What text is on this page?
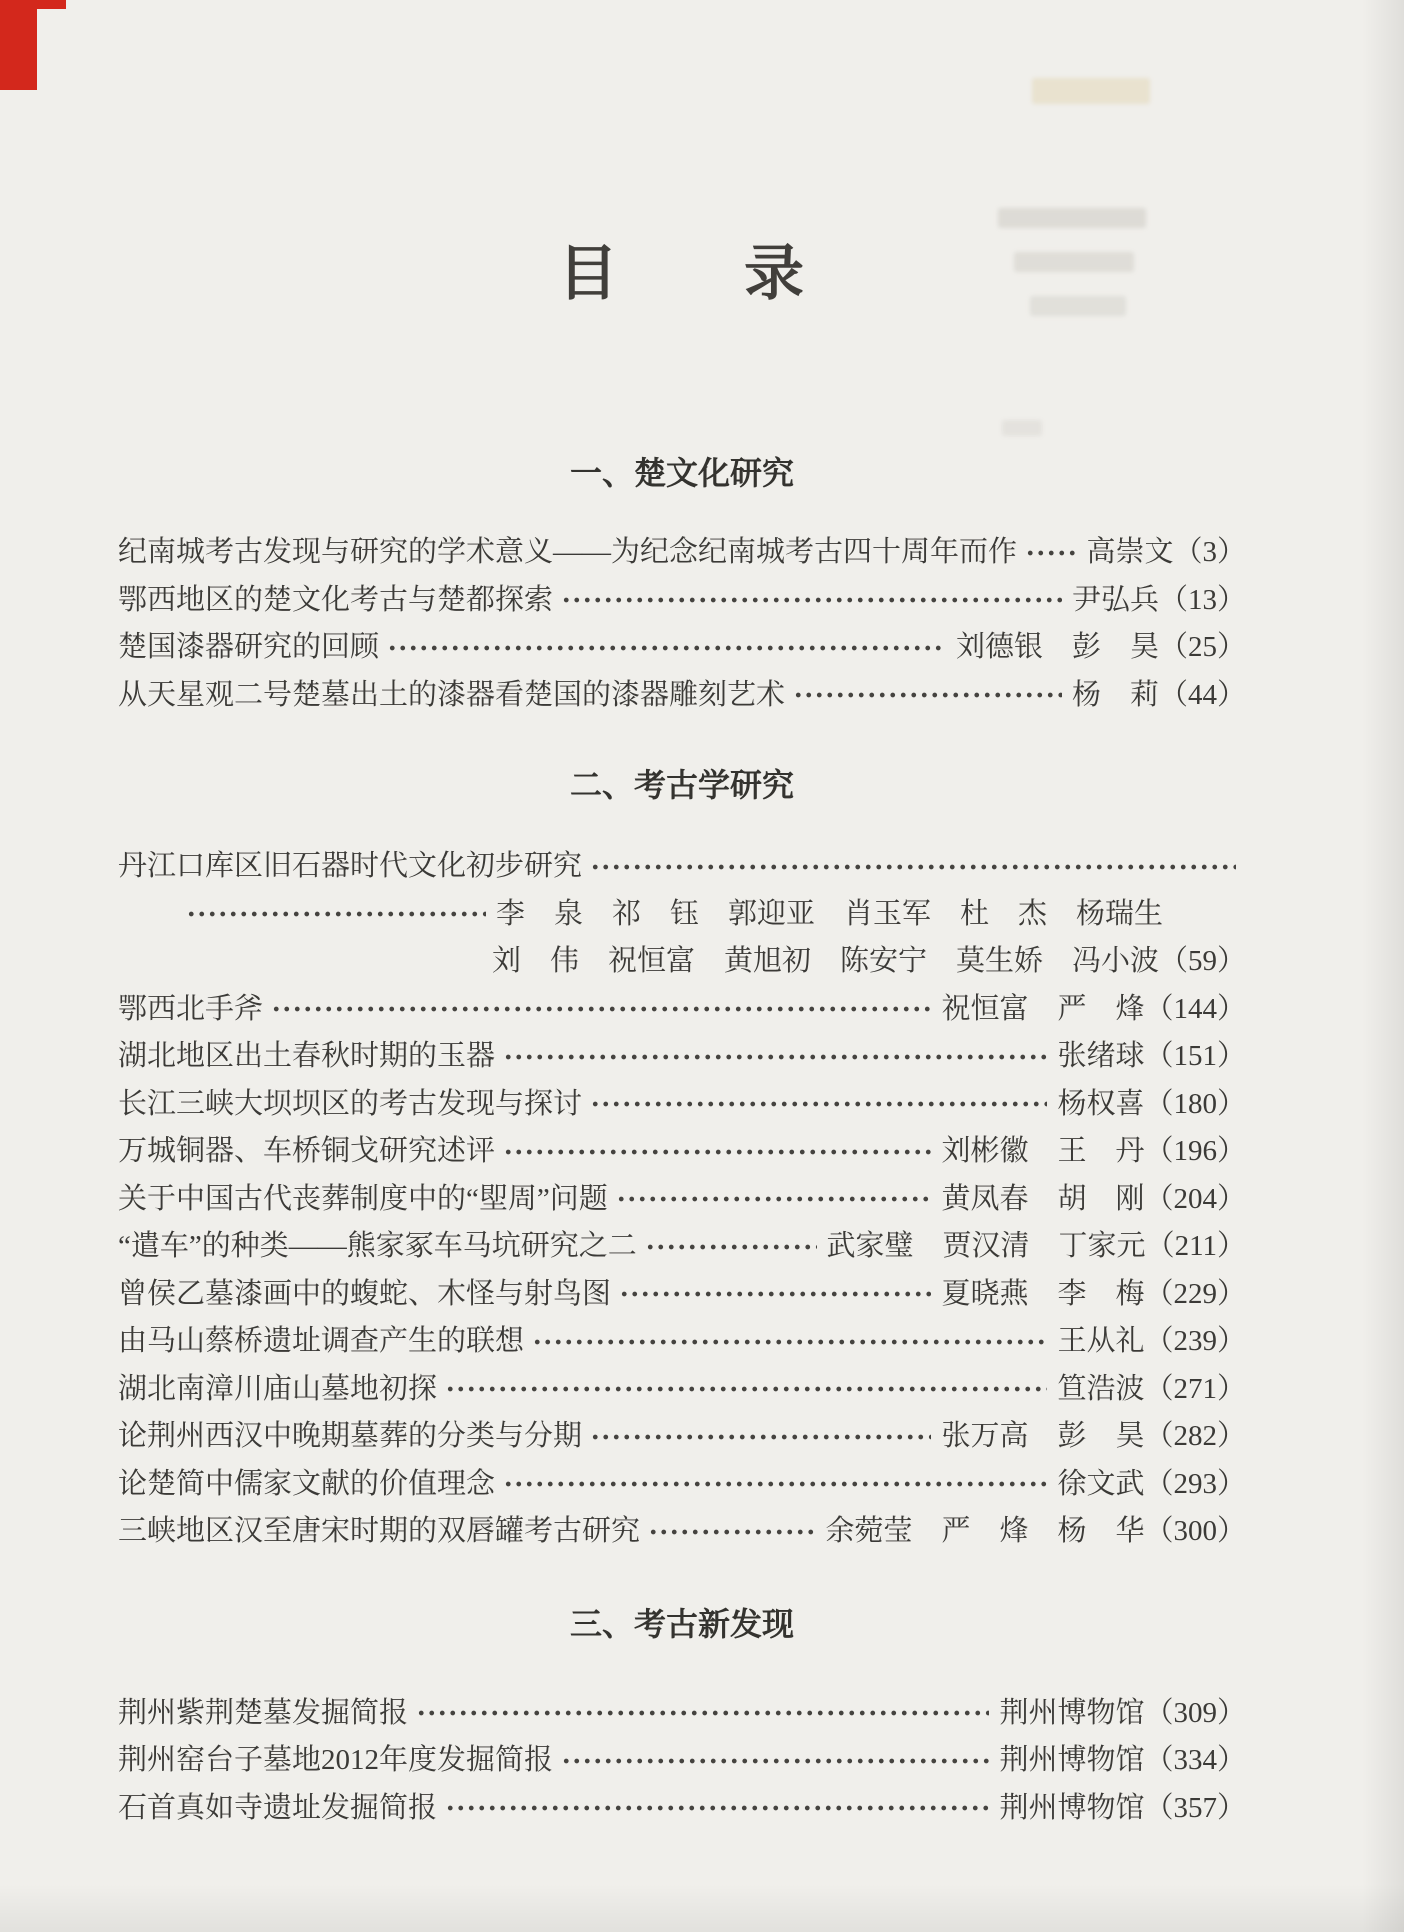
目　　录
一、楚文化研究
纪南城考古发现与研究的学术意义——为纪念纪南城考古四十周年而作 高崇文 （3）
鄂西地区的楚文化考古与楚都探索	尹弘兵 （13）
楚国漆器研究的回顾	刘德银　彭　昊 （25）
从天星观二号楚墓出土的漆器看楚国的漆器雕刻艺术	杨　莉 （44）
二、考古学研究
丹江口库区旧石器时代文化初步研究
李　泉　祁　钰　郭迎亚　肖玉军　杜　杰　杨瑞生
刘　伟　祝恒富　黄旭初　陈安宁　莫生娇　冯小波 （59）
鄂西北手斧	祝恒富　严　烽 （144）
湖北地区出土春秋时期的玉器	张绪球 （151）
长江三峡大坝坝区的考古发现与探讨	杨权喜 （180）
万城铜器、车桥铜戈研究述评	刘彬徽　王　丹 （196）
关于中国古代丧葬制度中的“堲周”问题	黄凤春　胡　刚 （204）
“遣车”的种类——熊家冢车马坑研究之二	武家璧　贾汉清　丁家元 （211）
曾侯乙墓漆画中的蝮蛇、木怪与射鸟图	夏晓燕　李　梅 （229）
由马山蔡桥遗址调查产生的联想	王从礼 （239）
湖北南漳川庙山墓地初探	笪浩波 （271）
论荆州西汉中晚期墓葬的分类与分期	张万高　彭　昊 （282）
论楚简中儒家文献的价值理念	徐文武 （293）
三峡地区汉至唐宋时期的双唇罐考古研究	余菀莹　严　烽　杨　华 （300）
三、考古新发现
荆州紫荆楚墓发掘简报	荆州博物馆 （309）
荆州窑台子墓地2012年度发掘简报	荆州博物馆 （334）
石首真如寺遗址发掘简报	荆州博物馆 （357）
